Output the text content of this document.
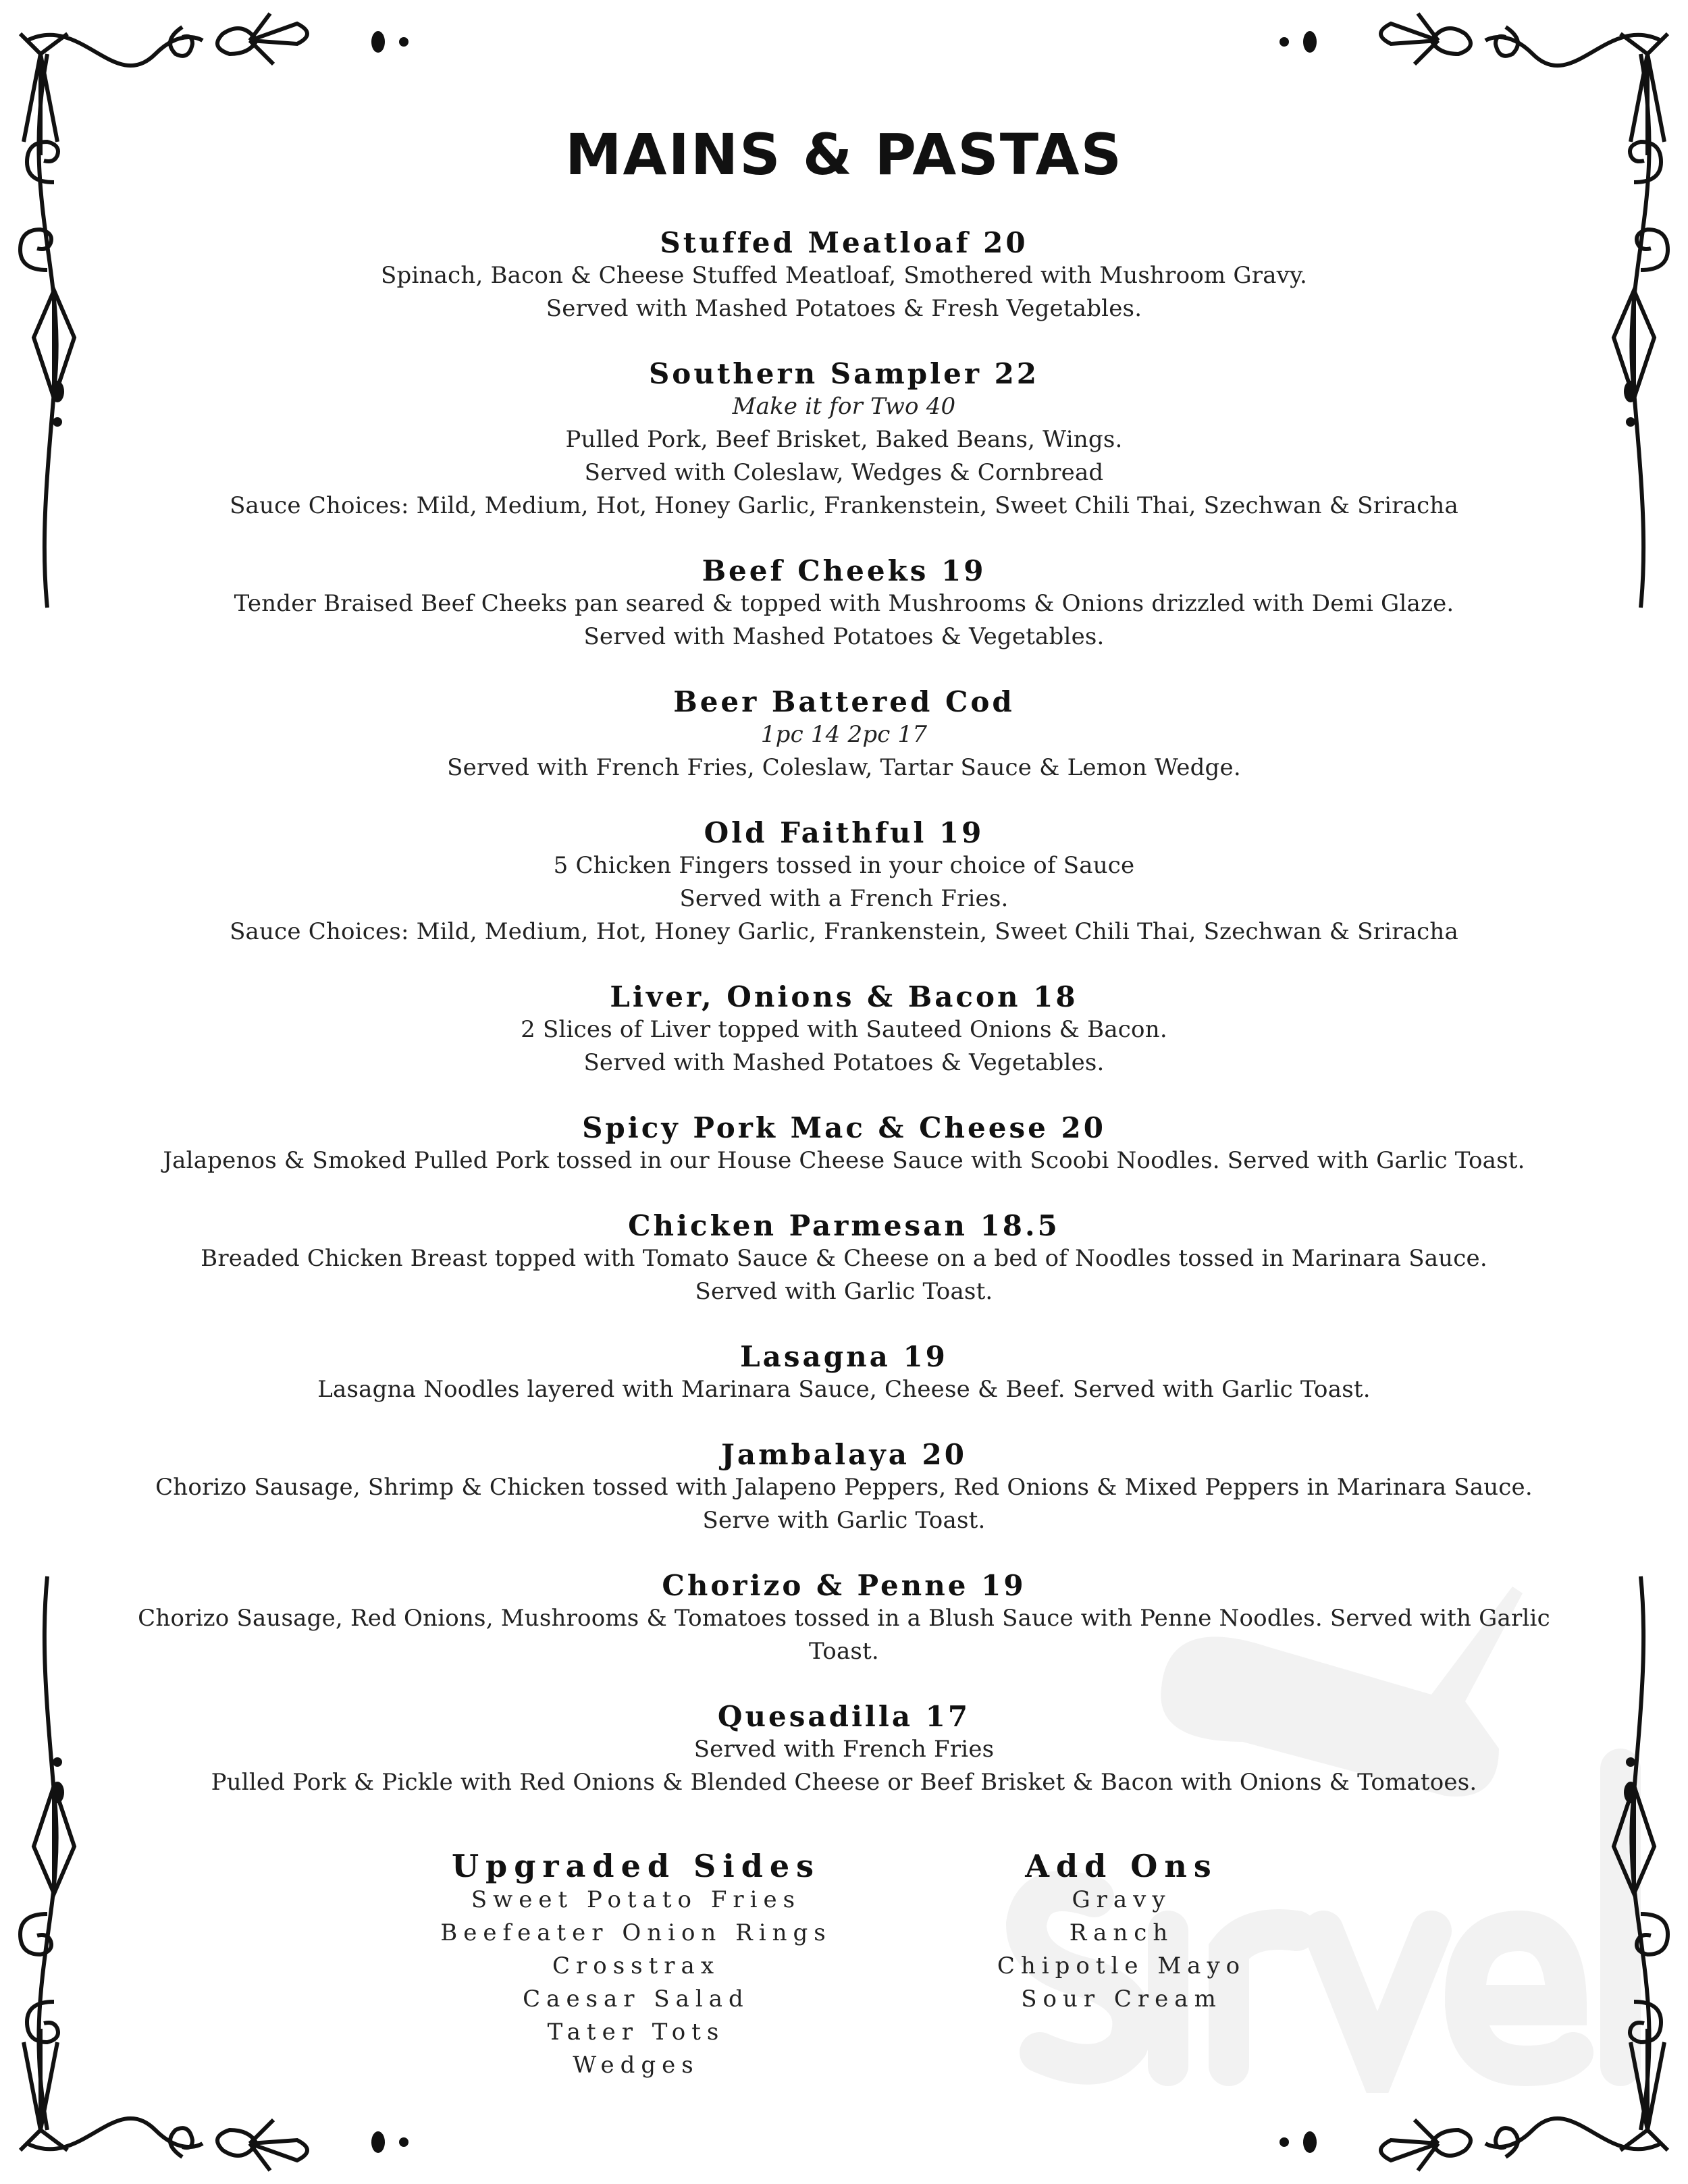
MAINS & PASTAS
Stuffed Meatloaf 20
Spinach, Bacon & Cheese Stuffed Meatloaf, Smothered with Mushroom Gravy.
Served with Mashed Potatoes & Fresh Vegetables.
Southern Sampler 22
Make it for Two 40
Pulled Pork, Beef Brisket, Baked Beans, Wings.
Served with Coleslaw, Wedges & Cornbread
Sauce Choices: Mild, Medium, Hot, Honey Garlic, Frankenstein, Sweet Chili Thai, Szechwan & Sriracha
Beef Cheeks 19
Tender Braised Beef Cheeks pan seared & topped with Mushrooms & Onions drizzled with Demi Glaze.
Served with Mashed Potatoes & Vegetables.
Beer Battered Cod
1pc 14 2pc 17
Served with French Fries, Coleslaw, Tartar Sauce & Lemon Wedge.
Old Faithful 19
5 Chicken Fingers tossed in your choice of Sauce
Served with a French Fries.
Sauce Choices: Mild, Medium, Hot, Honey Garlic, Frankenstein, Sweet Chili Thai, Szechwan & Sriracha
Liver, Onions & Bacon 18
2 Slices of Liver topped with Sauteed Onions & Bacon.
Served with Mashed Potatoes & Vegetables.
Spicy Pork Mac & Cheese 20
Jalapenos & Smoked Pulled Pork tossed in our House Cheese Sauce with Scoobi Noodles. Served with Garlic Toast.
Chicken Parmesan 18.5
Breaded Chicken Breast topped with Tomato Sauce & Cheese on a bed of Noodles tossed in Marinara Sauce.
Served with Garlic Toast.
Lasagna 19
Lasagna Noodles layered with Marinara Sauce, Cheese & Beef. Served with Garlic Toast.
Jambalaya 20
Chorizo Sausage, Shrimp & Chicken tossed with Jalapeno Peppers, Red Onions & Mixed Peppers in Marinara Sauce.
Serve with Garlic Toast.
Chorizo & Penne 19
Chorizo Sausage, Red Onions, Mushrooms & Tomatoes tossed in a Blush Sauce with Penne Noodles. Served with Garlic
Toast.
Quesadilla 17
Served with French Fries
Pulled Pork & Pickle with Red Onions & Blended Cheese or Beef Brisket & Bacon with Onions & Tomatoes.
Upgraded Sides
Sweet Potato Fries
Beefeater Onion Rings
Crosstrax
Caesar Salad
Tater Tots
Wedges
Add Ons
Gravy
Ranch
Chipotle Mayo
Sour Cream
